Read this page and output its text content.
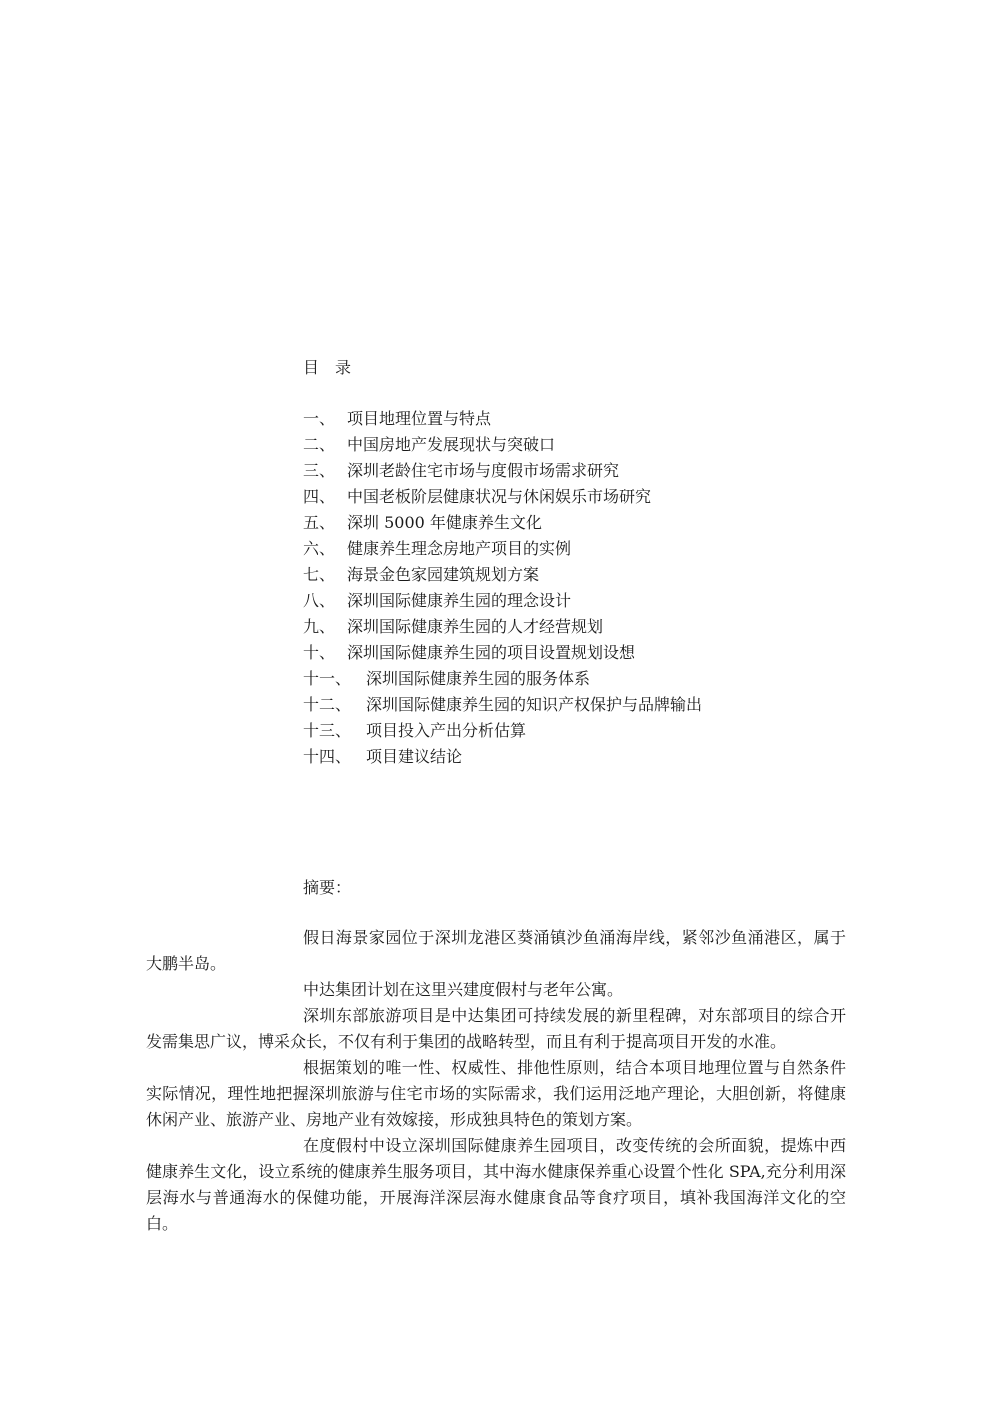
目　录
一、 项目地理位置与特点
二、 中国房地产发展现状与突破口
三、 深圳老龄住宅市场与度假市场需求研究
四、 中国老板阶层健康状况与休闲娱乐市场研究
五、 深圳 5000 年健康养生文化
六、 健康养生理念房地产项目的实例
七、 海景金色家园建筑规划方案
八、 深圳国际健康养生园的理念设计
九、 深圳国际健康养生园的人才经营规划
十、 深圳国际健康养生园的项目设置规划设想
十一、 深圳国际健康养生园的服务体系
十二、 深圳国际健康养生园的知识产权保护与品牌输出
十三、 项目投入产出分析估算
十四、 项目建议结论
摘要：

假日海景家园位于深圳龙港区葵涌镇沙鱼涌海岸线，紧邻沙鱼涌港区，属于大鹏半岛。

中达集团计划在这里兴建度假村与老年公寓。

深圳东部旅游项目是中达集团可持续发展的新里程碑，对东部项目的综合开发需集思广议，博采众长，不仅有利于集团的战略转型，而且有利于提高项目开发的水准。

根据策划的唯一性、权威性、排他性原则，结合本项目地理位置与自然条件实际情况，理性地把握深圳旅游与住宅市场的实际需求，我们运用泛地产理论，大胆创新，将健康休闲产业、旅游产业、房地产业有效嫁接，形成独具特色的策划方案。

在度假村中设立深圳国际健康养生园项目，改变传统的会所面貌，提炼中西健康养生文化，设立系统的健康养生服务项目，其中海水健康保养重心设置个性化 SPA,充分利用深层海水与普通海水的保健功能，开展海洋深层海水健康食品等食疗项目，填补我国海洋文化的空白。
